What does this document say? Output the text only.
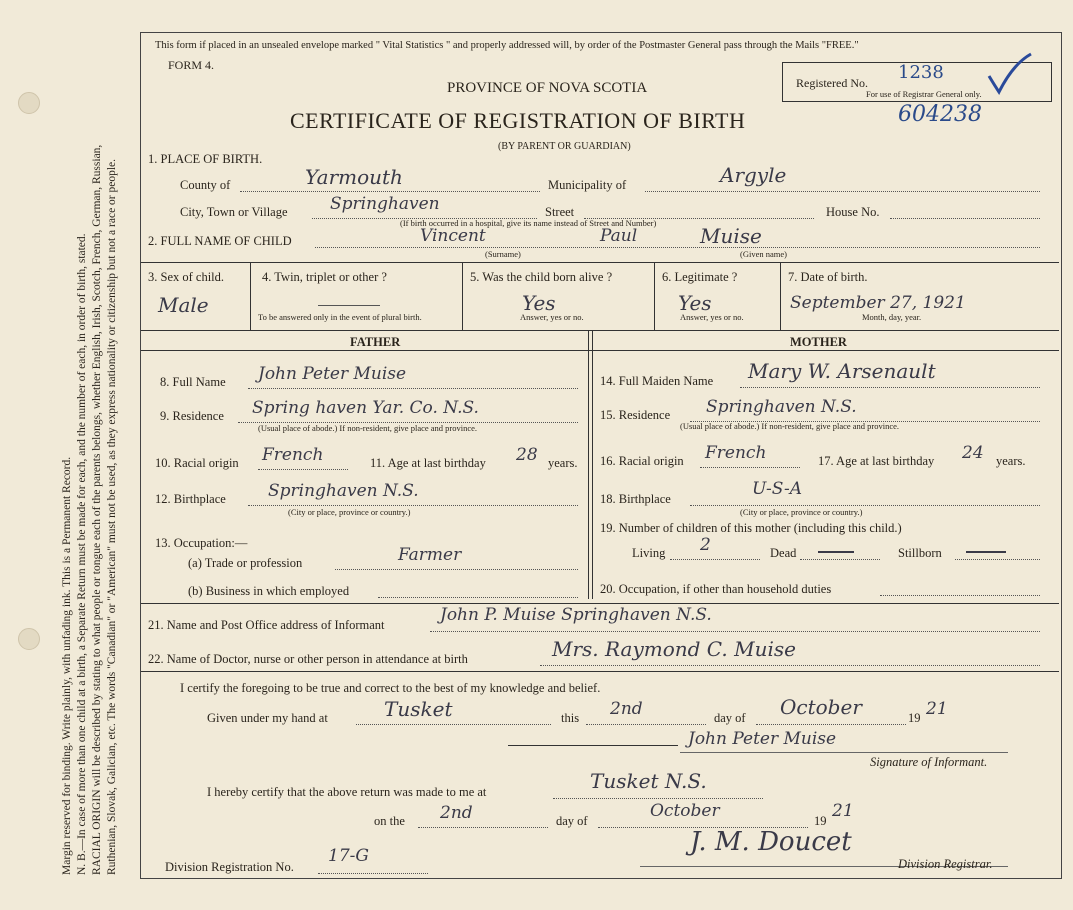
Margin reserved for binding. Write plainly, with unfading ink. This is a Permanent Record. N. B.—In case of more than one child at a birth, a Separate Return must be made for each, and the number of each, in order of birth, stated. RACIAL ORIGIN will be described by stating to what people or tongue each of the parents belongs, whether English, Irish, Scotch, French, German, Russian, Ruthenian, Slovak, Galician, etc. The words "Canadian" or "American" must not be used, as they express nationality or citizenship but not a race or people.
This form if placed in an unsealed envelope marked " Vital Statistics " and properly addressed will, by order of the Postmaster General pass through the Mails "FREE."
FORM 4.
PROVINCE OF NOVA SCOTIA
CERTIFICATE OF REGISTRATION OF BIRTH
(BY PARENT OR GUARDIAN)
Registered No.
For use of Registrar General only.
1238
604238
1. PLACE OF BIRTH.
County of	Yarmouth	Municipality of	Argyle
City, Town or Village Springhaven	Street	House No.
(If birth occurred in a hospital, give its name instead of Street and Number)
2. FULL NAME OF CHILD	Vincent	Paul	Muise
(Surname)	(Given name)
3. Sex of child.
Male
4. Twin, triplet or other ?
To be answered only in the event of plural birth.
5. Was the child born alive ?
Yes
Answer, yes or no.
6. Legitimate ?
Yes
Answer, yes or no.
7. Date of birth.
September 27, 1921
Month, day, year.
FATHER	MOTHER
8. Full Name John Peter Muise
9. Residence Spring haven Yar. Co. N.S.
(Usual place of abode.) If non-resident, give place and province.
10. Racial origin French	11. Age at last birthday 28 years.
12. Birthplace Springhaven N.S.
(City or place, province or country.)
13. Occupation:—
(a) Trade or profession	Farmer
(b) Business in which employed
14. Full Maiden Name Mary W. Arsenault
15. Residence Springhaven N.S.
(Usual place of abode.) If non-resident, give place and province.
16. Racial origin French	17. Age at last birthday 24 years.
18. Birthplace	U-S-A
(City or place, province or country.)
19. Number of children of this mother (including this child.)
Living 2	Dead	Stillborn
20. Occupation, if other than household duties
21. Name and Post Office address of Informant	John P. Muise Springhaven N.S.
22. Name of Doctor, nurse or other person in attendance at birth	Mrs. Raymond C. Muise
I certify the foregoing to be true and correct to the best of my knowledge and belief.
Given under my hand at	Tusket	this 2nd	day of October	19 21
John Peter Muise
Signature of Informant.
I hereby certify that the above return was made to me at	Tusket N.S.
on the 2nd	day of	October	19 21
Division Registration No.
17-G	J. M. Doucet
Division Registrar.
